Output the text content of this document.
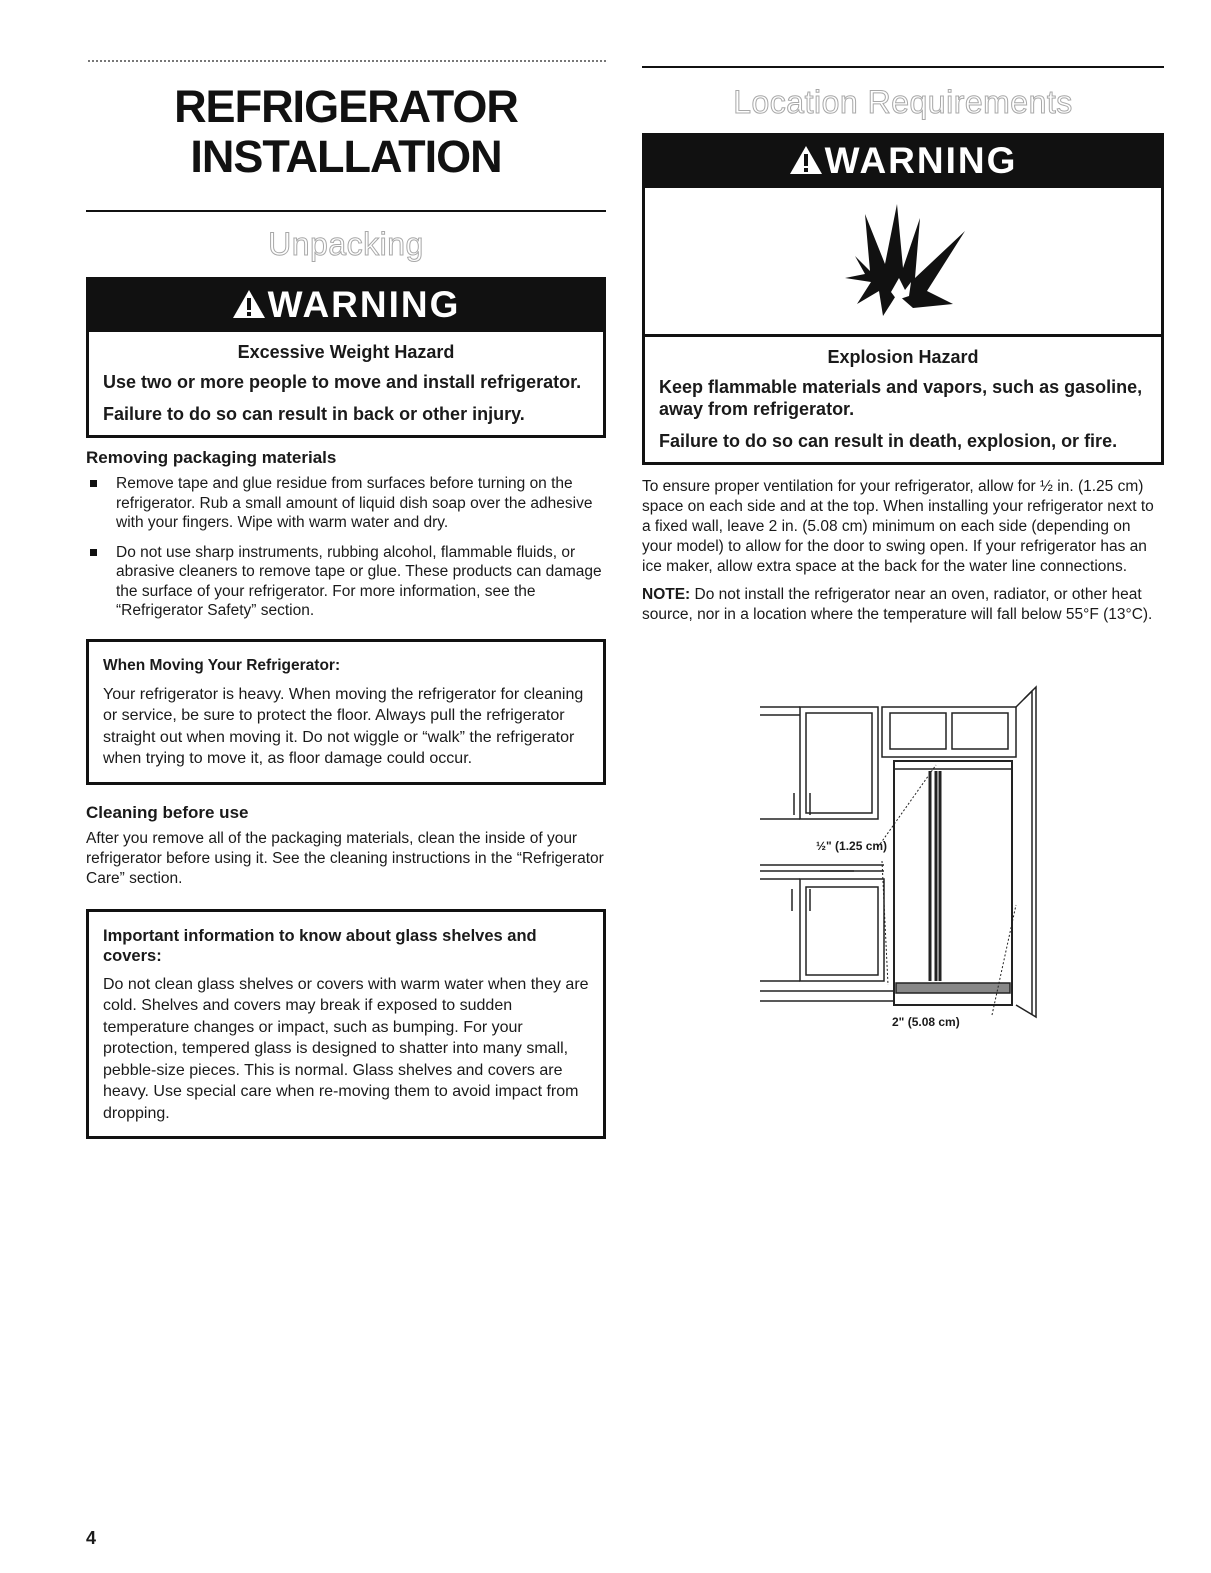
REFRIGERATOR
INSTALLATION
Unpacking
WARNING
Excessive Weight Hazard
Use two or more people to move and install refrigerator.
Failure to do so can result in back or other injury.
Removing packaging materials
Remove tape and glue residue from surfaces before turning on the refrigerator. Rub a small amount of liquid dish soap over the adhesive with your fingers. Wipe with warm water and dry.
Do not use sharp instruments, rubbing alcohol, flammable fluids, or abrasive cleaners to remove tape or glue. These products can damage the surface of your refrigerator. For more information, see the “Refrigerator Safety” section.
When Moving Your Refrigerator:
Your refrigerator is heavy. When moving the refrigerator for cleaning or service, be sure to protect the floor. Always pull the refrigerator straight out when moving it. Do not wiggle or “walk” the refrigerator when trying to move it, as floor damage could occur.
Cleaning before use
After you remove all of the packaging materials, clean the inside of your refrigerator before using it. See the cleaning instructions in the “Refrigerator Care” section.
Important information to know about glass shelves and covers:
Do not clean glass shelves or covers with warm water when they are cold. Shelves and covers may break if exposed to sudden temperature changes or impact, such as bumping. For your protection, tempered glass is designed to shatter into many small, pebble-size pieces. This is normal. Glass shelves and covers are heavy. Use special care when re-moving them to avoid impact from dropping.
Location Requirements
WARNING
Explosion Hazard
Keep flammable materials and vapors, such as gasoline, away from refrigerator.
Failure to do so can result in death, explosion, or fire.
To ensure proper ventilation for your refrigerator, allow for ½ in. (1.25 cm) space on each side and at the top. When installing your refrigerator next to a fixed wall, leave 2 in. (5.08 cm) minimum on each side (depending on your model) to allow for the door to swing open. If your refrigerator has an ice maker, allow extra space at the back for the water line connections.
NOTE: Do not install the refrigerator near an oven, radiator, or other heat source, nor in a location where the temperature will fall below 55°F (13°C).
½" (1.25 cm)
2" (5.08 cm)
4
